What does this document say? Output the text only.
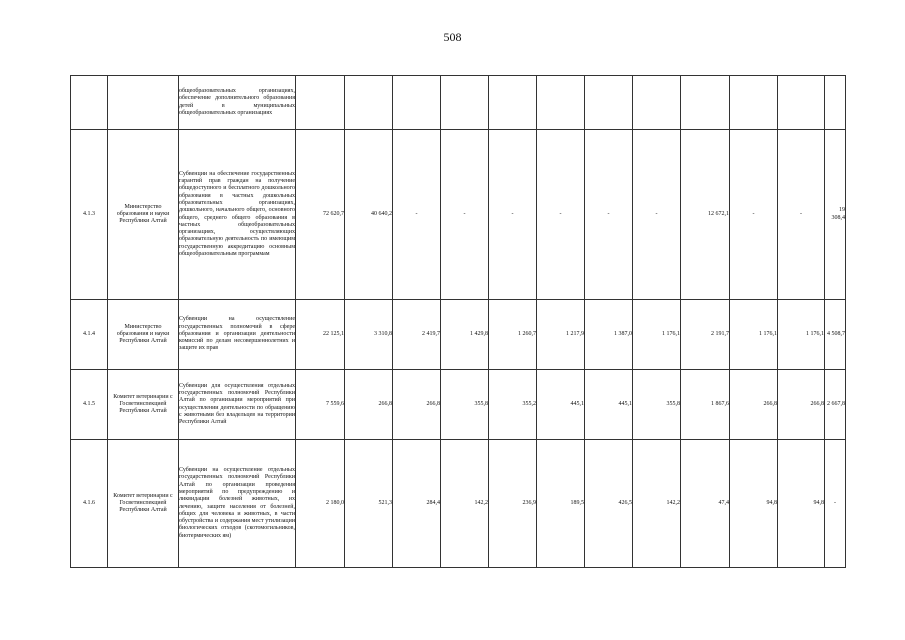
508
		общеобразовательных организациях, обеспечение дополнительного образования детей в муниципальных общеобразовательных организациях												
4.1.3	Министерство образования и науки Республики Алтай	Субвенции на обеспечение государственных гарантий прав граждан на получение общедоступного и бесплатного дошкольного образования в частных дошкольных образовательных организациях, дошкольного, начального общего, основного общего, среднего общего образования в частных общеобразовательных организациях, осуществляющих образовательную деятельность по имеющим государственную аккредитацию основным общеобразовательным программам	72 620,7	40 640,2	-	-	-	-	-	-	12 672,1	-	-	19 308,4
4.1.4	Министерство образования и науки Республики Алтай	Субвенции на осуществление государственных полномочий в сфере образования и организации деятельности комиссий по делам несовершеннолетних и защите их прав	22 125,1	3 310,8	2 419,7	1 429,8	1 260,7	1 217,9	1 387,0	1 176,1	2 191,7	1 176,1	1 176,1	4 508,7
4.1.5	Комитет ветеринарии с Госветинспекцией Республики Алтай	Субвенции для осуществления отдельных государственных полномочий Республики Алтай по организации мероприятий при осуществлении деятельности по обращению с животными без владельцев на территории Республики Алтай	7 559,6	266,8	266,8	355,8	355,2	445,1	445,1	355,8	1 867,6	266,8	266,8	2 667,8
4.1.6	Комитет ветеринарии с Госветинспекцией Республики Алтай	Субвенции на осуществление отдельных государственных полномочий Республики Алтай по организации проведения мероприятий по предупреждению и ликвидации болезней животных, их лечению, защите населения от болезней, общих для человека и животных, в части обустройства и содержания мест утилизации биологических отходов (скотомогильников, биотермических ям)	2 180,0	521,3	284,4	142,2	236,9	189,5	426,5	142,2	47,4	94,8	94,8	-
